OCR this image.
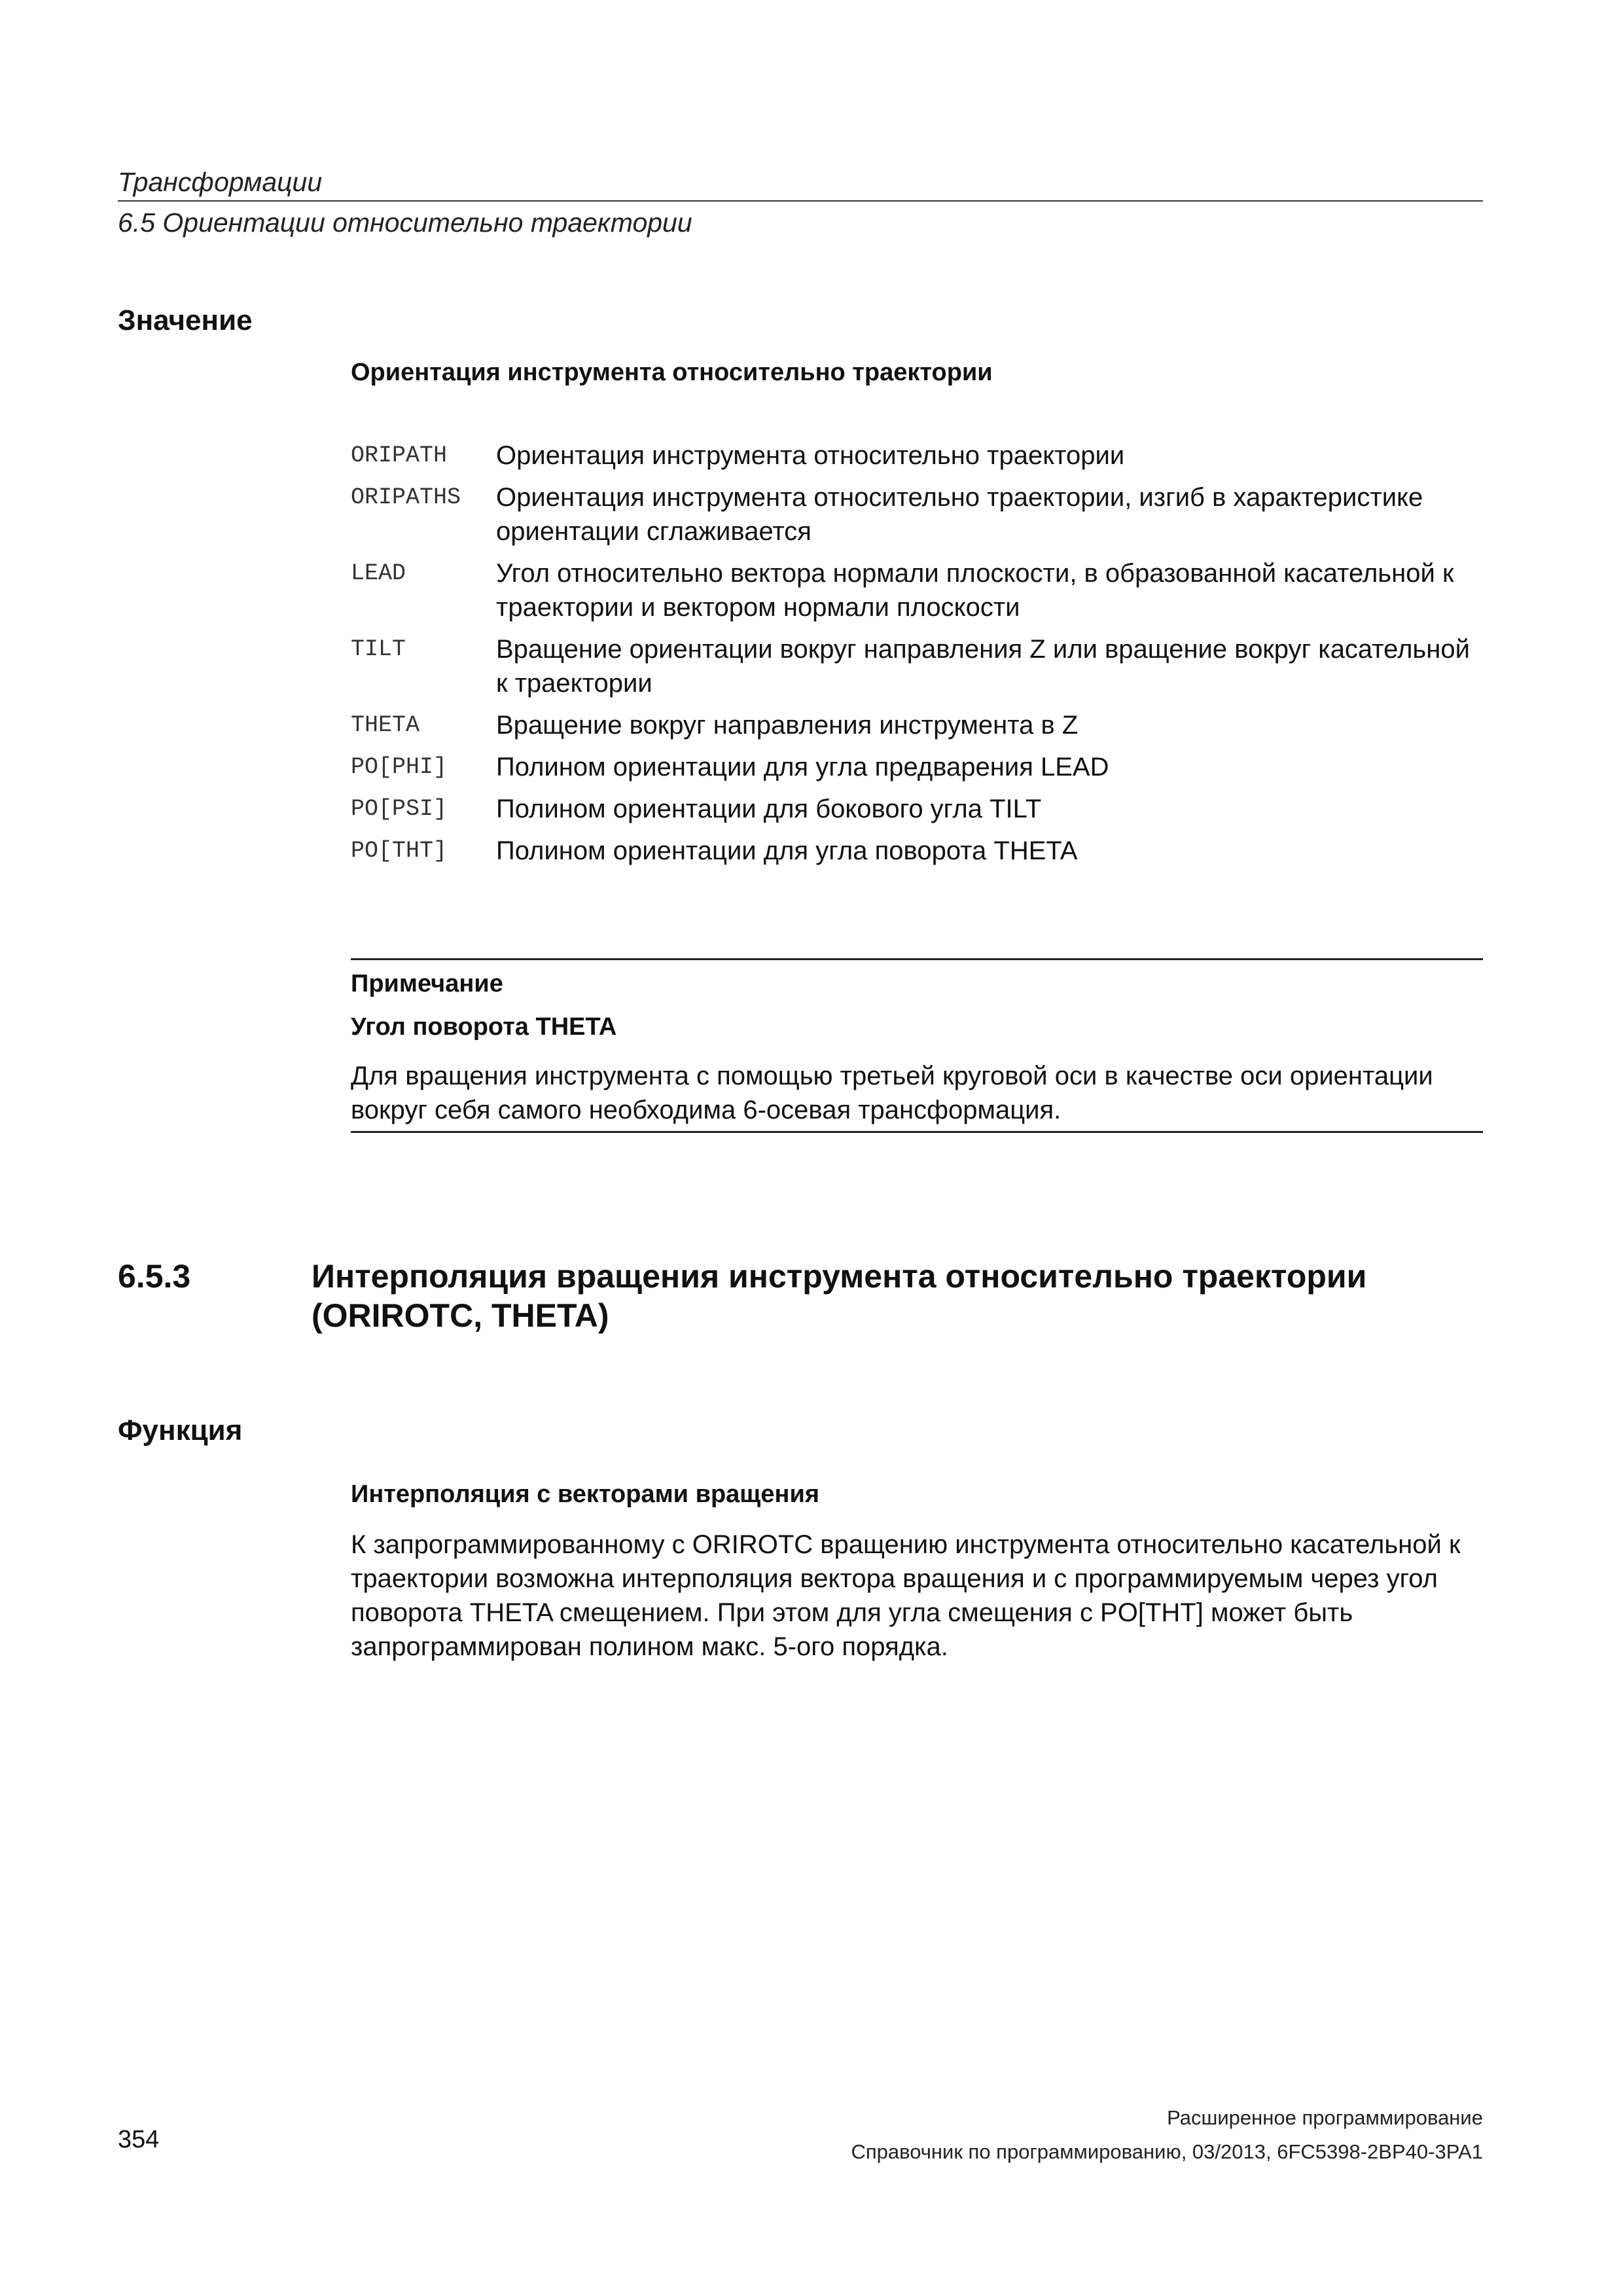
Трансформации
6.5 Ориентации относительно траектории
Значение
Ориентация инструмента относительно траектории
ORIPATH	Ориентация инструмента относительно траектории
ORIPATHS	Ориентация инструмента относительно траектории, изгиб в характеристике ориентации сглаживается
LEAD	Угол относительно вектора нормали плоскости, в образованной касательной к траектории и вектором нормали плоскости
TILT	Вращение ориентации вокруг направления Z или вращение вокруг касательной к траектории
THETA	Вращение вокруг направления инструмента в Z
PO[PHI]	Полином ориентации для угла предварения LEAD
PO[PSI]	Полином ориентации для бокового угла TILT
PO[THT]	Полином ориентации для угла поворота THETA
Примечание
Угол поворота THETA
Для вращения инструмента с помощью третьей круговой оси в качестве оси ориентации вокруг себя самого необходима 6-осевая трансформация.
6.5.3	Интерполяция вращения инструмента относительно траектории (ORIROTC, THETA)
Функция
Интерполяция с векторами вращения
К запрограммированному с ORIROTC вращению инструмента относительно касательной к траектории возможна интерполяция вектора вращения и с программируемым через угол поворота THETA смещением. При этом для угла смещения с PO[THT] может быть запрограммирован полином макс. 5-ого порядка.
Расширенное программирование
354	Справочник по программированию, 03/2013, 6FC5398-2BP40-3PA1
